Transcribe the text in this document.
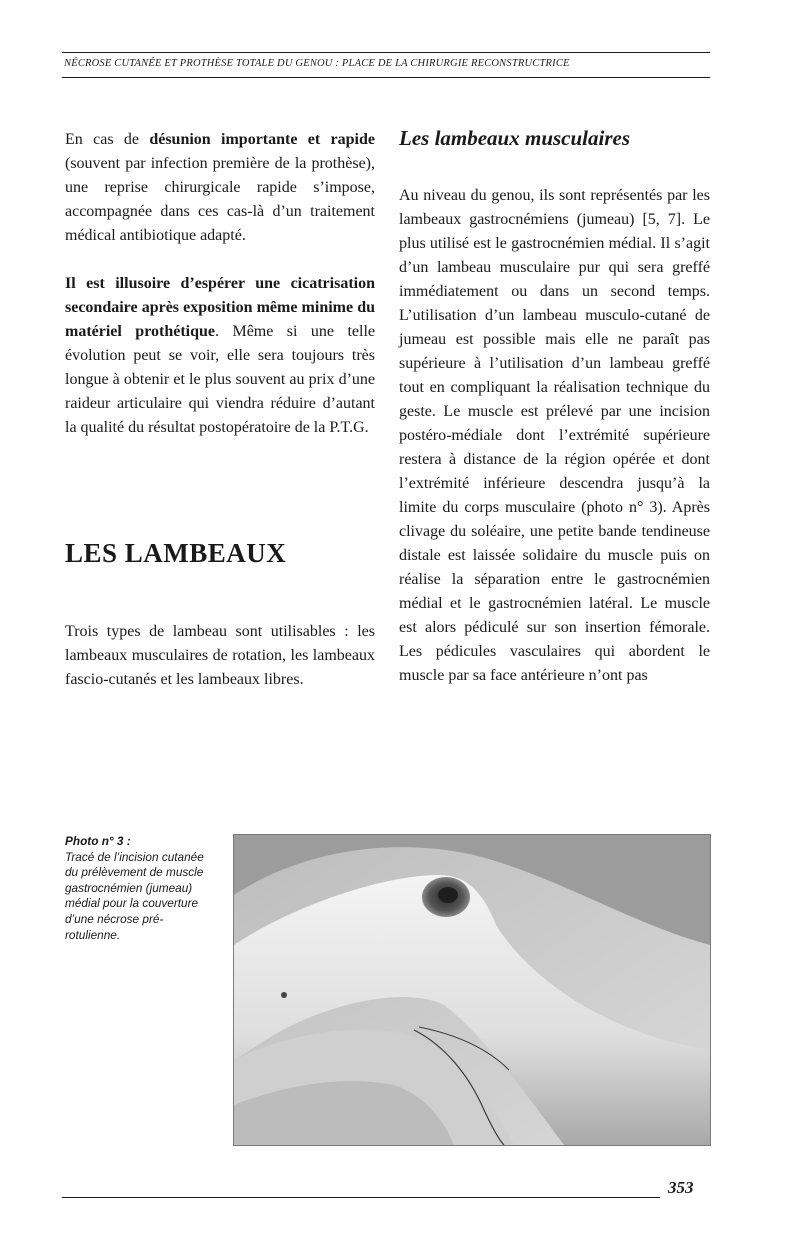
NÉCROSE CUTANÉE ET PROTHÈSE TOTALE DU GENOU : PLACE DE LA CHIRURGIE RECONSTRUCTRICE

En cas de désunion importante et rapide (souvent par infection première de la prothèse), une reprise chirurgicale rapide s’impose, accompagnée dans ces cas-là d’un traitement médical antibiotique adapté.

Il est illusoire d’espérer une cicatrisation secondaire après exposition même minime du matériel prothétique. Même si une telle évolution peut se voir, elle sera toujours très longue à obtenir et le plus souvent au prix d’une raideur articulaire qui viendra réduire d’autant la qualité du résultat postopératoire de la P.T.G.

LES LAMBEAUX

Trois types de lambeau sont utilisables : les lambeaux musculaires de rotation, les lambeaux fascio-cutanés et les lambeaux libres.

Les lambeaux musculaires

Au niveau du genou, ils sont représentés par les lambeaux gastrocnémiens (jumeau) [5, 7]. Le plus utilisé est le gastrocnémien médial. Il s’agit d’un lambeau musculaire pur qui sera greffé immédiatement ou dans un second temps. L’utilisation d’un lambeau musculo-cutané de jumeau est possible mais elle ne paraît pas supérieure à l’utilisation d’un lambeau greffé tout en compliquant la réalisation technique du geste. Le muscle est prélevé par une incision postéro-médiale dont l’extrémité supérieure restera à distance de la région opérée et dont l’extrémité inférieure descendra jusqu’à la limite du corps musculaire (photo n° 3). Après clivage du soléaire, une petite bande tendineuse distale est laissée solidaire du muscle puis on réalise la séparation entre le gastrocnémien médial et le gastrocnémien latéral. Le muscle est alors pédiculé sur son insertion fémorale. Les pédicules vasculaires qui abordent le muscle par sa face antérieure n’ont pas

Photo n° 3 :
Tracé de l’incision cutanée du prélèvement de muscle gastrocnémien (jumeau) médial pour la couverture d’une nécrose pré-rotulienne.
353
